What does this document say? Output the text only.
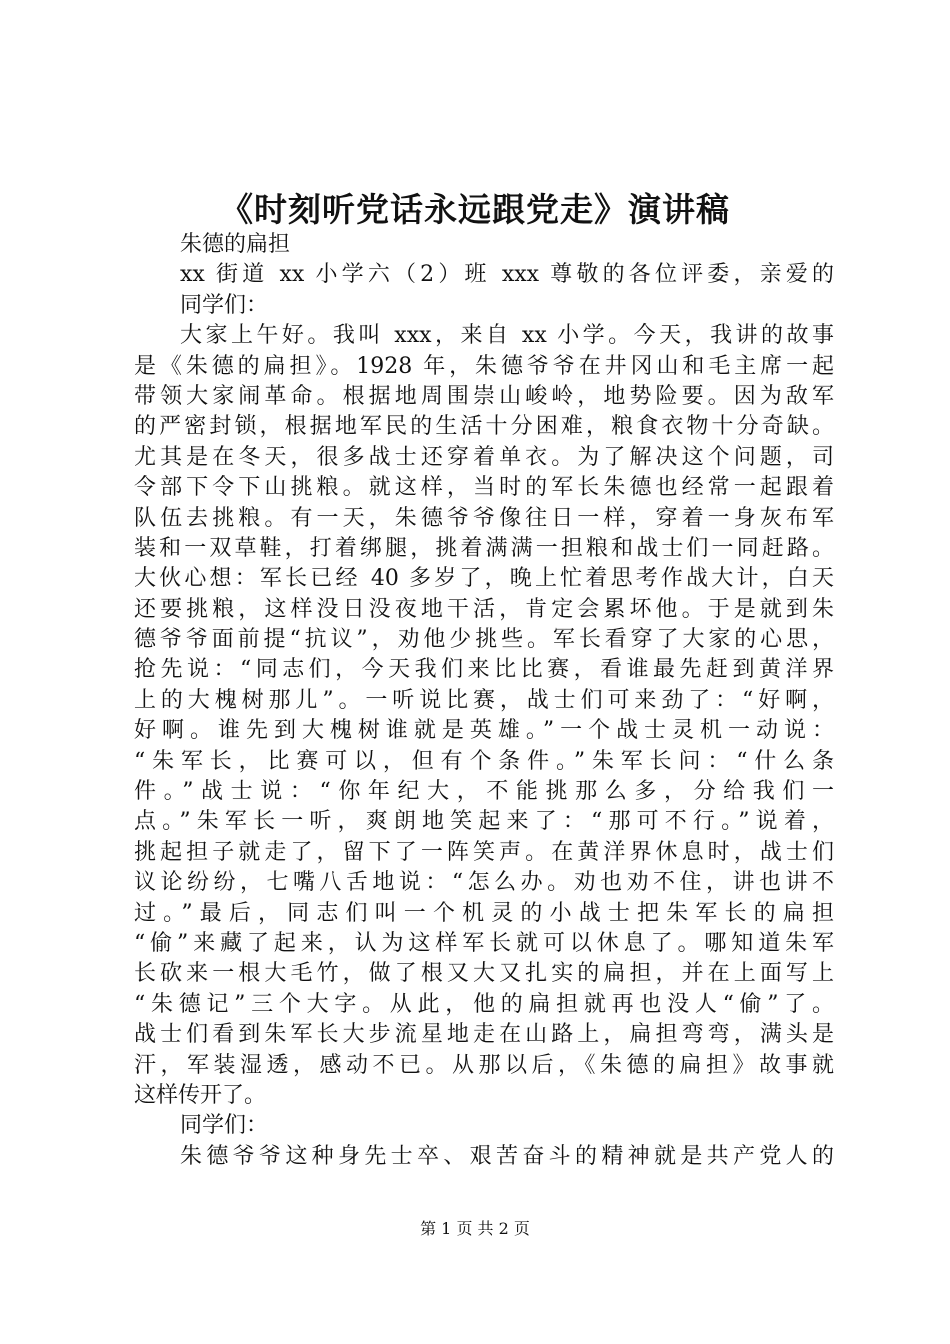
《时刻听党话永远跟党走》演讲稿
朱德的扁担
xx 街道 xx 小学六（2）班 xxx 尊敬的各位评委，亲爱的
同学们：
大家上午好。我叫 xxx，来自 xx 小学。今天，我讲的故事
是《朱德的扁担》。1928 年，朱德爷爷在井冈山和毛主席一起
带领大家闹革命。根据地周围崇山峻岭，地势险要。因为敌军
的严密封锁，根据地军民的生活十分困难，粮食衣物十分奇缺。
尤其是在冬天，很多战士还穿着单衣。为了解决这个问题，司
令部下令下山挑粮。就这样，当时的军长朱德也经常一起跟着
队伍去挑粮。有一天，朱德爷爷像往日一样，穿着一身灰布军
装和一双草鞋，打着绑腿，挑着满满一担粮和战士们一同赶路。
大伙心想：军长已经 40 多岁了，晚上忙着思考作战大计，白天
还要挑粮，这样没日没夜地干活，肯定会累坏他。于是就到朱
德爷爷面前提“抗议”，劝他少挑些。军长看穿了大家的心思，
抢先说：“同志们，今天我们来比比赛，看谁最先赶到黄洋界
上的大槐树那儿”。一听说比赛，战士们可来劲了：“好啊，
好啊。谁先到大槐树谁就是英雄。”一个战士灵机一动说：
“朱军长，比赛可以，但有个条件。”朱军长问：“什么条
件。”战士说：“你年纪大，不能挑那么多，分给我们一
点。”朱军长一听，爽朗地笑起来了：“那可不行。”说着，
挑起担子就走了，留下了一阵笑声。在黄洋界休息时，战士们
议论纷纷，七嘴八舌地说：“怎么办。劝也劝不住，讲也讲不
过。”最后，同志们叫一个机灵的小战士把朱军长的扁担
“偷”来藏了起来，认为这样军长就可以休息了。哪知道朱军
长砍来一根大毛竹，做了根又大又扎实的扁担，并在上面写上
“朱德记”三个大字。从此，他的扁担就再也没人“偷”了。
战士们看到朱军长大步流星地走在山路上，扁担弯弯，满头是
汗，军装湿透，感动不已。从那以后，《朱德的扁担》故事就
这样传开了。
同学们：
朱德爷爷这种身先士卒、艰苦奋斗的精神就是共产党人的
第 1 页 共 2 页
